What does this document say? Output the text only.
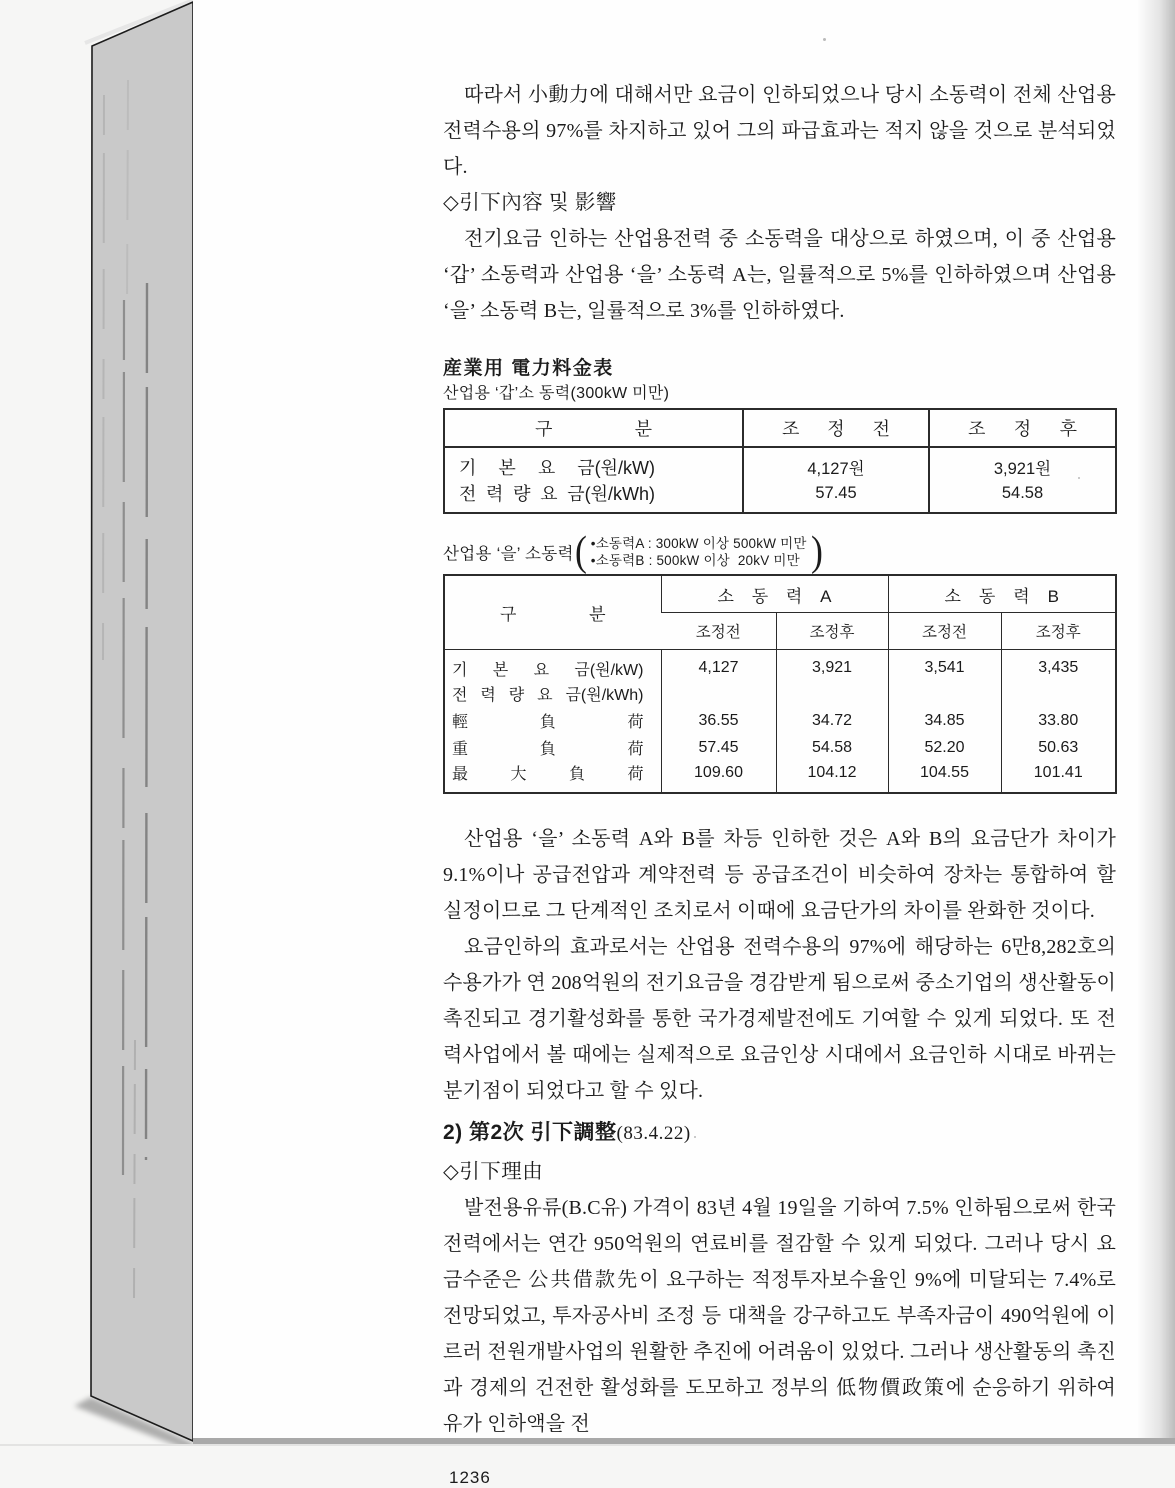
따라서 小動力에 대해서만 요금이 인하되었으나 당시 소동력이 전체 산업용전력수용의 97%를 차지하고 있어 그의 파급효과는 적지 않을 것으로 분석되었다.

◇引下內容 및 影響

전기요금 인하는 산업용전력 중 소동력을 대상으로 하였으며, 이 중 산업용 ‘갑’ 소동력과 산업용 ‘을’ 소동력 A는, 일률적으로 5%를 인하하였으며 산업용 ‘을’ 소동력 B는, 일률적으로 3%를 인하하였다.

産業用 電力料金表
산업용 ‘갑’소 동력(300kW 미만)
구 분	조 정 전	조 정 후
기 본 요 금(원/kW)	4,127원	3,921원
전 력 량 요 금(원/kWh)	57.45	54.58
산업용 ‘을’ 소동력 ( •소동력A : 300kW 이상 500kW 미만
•소동력B : 500kW 이상  20kV 미만 )
구 분	소 동 력 A		소 동 력 B	
	조정전	조정후	조정전	조정후
기 본 요 금(원/kW)	4,127	3,921	3,541	3,435
전 력 량 요 금(원/kWh)				
輕 負 荷	36.55	34.72	34.85	33.80
重 負 荷	57.45	54.58	52.20	50.63
最 大 負 荷	109.60	104.12	104.55	101.41

산업용 ‘을’ 소동력 A와 B를 차등 인하한 것은 A와 B의 요금단가 차이가 9.1%이나 공급전압과 계약전력 등 공급조건이 비슷하여 장차는 통합하여 할 실정이므로 그 단계적인 조치로서 이때에 요금단가의 차이를 완화한 것이다.

요금인하의 효과로서는 산업용 전력수용의 97%에 해당하는 6만8,282호의 수용가가 연 208억원의 전기요금을 경감받게 됨으로써 중소기업의 생산활동이 촉진되고 경기활성화를 통한 국가경제발전에도 기여할 수 있게 되었다. 또 전력사업에서 볼 때에는 실제적으로 요금인상 시대에서 요금인하 시대로 바뀌는 분기점이 되었다고 할 수 있다.

2) 第2次 引下調整(83.4.22)

◇引下理由

발전용유류(B.C유) 가격이 83년 4월 19일을 기하여 7.5% 인하됨으로써 한국전력에서는 연간 950억원의 연료비를 절감할 수 있게 되었다. 그러나 당시 요금수준은 公共借款先이 요구하는 적정투자보수율인 9%에 미달되는 7.4%로 전망되었고, 투자공사비 조정 등 대책을 강구하고도 부족자금이 490억원에 이르러 전원개발사업의 원활한 추진에 어려움이 있었다. 그러나 생산활동의 촉진과 경제의 건전한 활성화를 도모하고 정부의 低物價政策에 순응하기 위하여 유가 인하액을 전

1236
